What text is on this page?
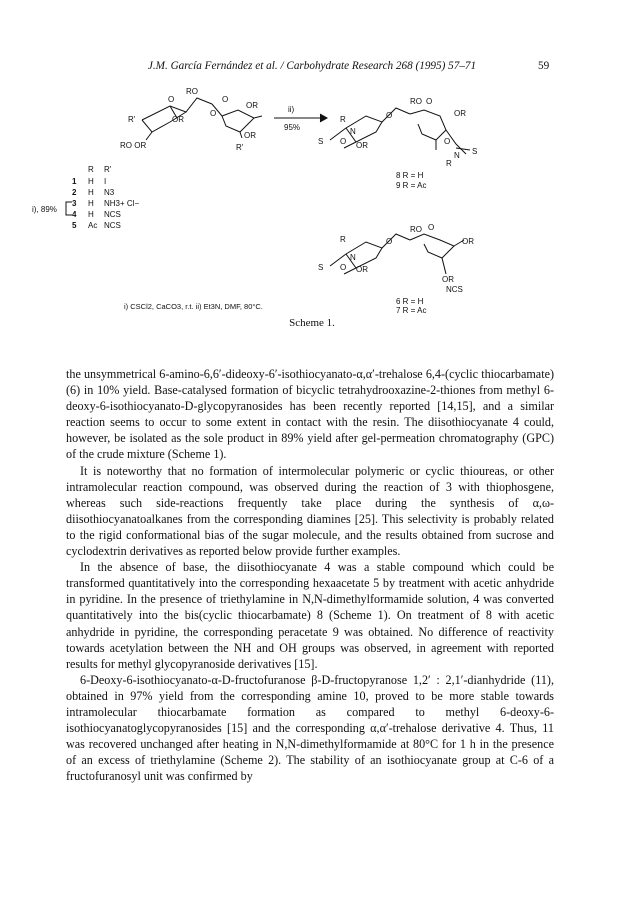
J.M. García Fernández et al. / Carbohydrate Research 268 (1995) 57–71	59
RO
R'	OR
RO OR
O
O
O
OR
OR
R'
ii)
95%
RO
R
N
S O OR
O
O
OR
O
N S
R
RO
R
N
S O OR
O
O
OR
OR
NCS
R R'
1 H I
2 H N3
3 H NH3+ Cl−
4 H NCS
5 Ac NCS
i), 89%
8 R = H
9 R = Ac
6 R = H
7 R = Ac
i) CSCl2, CaCO3, r.t. ii) Et3N, DMF, 80°C.
Scheme 1.

the unsymmetrical 6-amino-6,6′-dideoxy-6′-isothiocyanato-α,α′-trehalose 6,4-(cyclic thiocarbamate) (6) in 10% yield. Base-catalysed formation of bicyclic tetrahydrooxazine-2-thiones from methyl 6-deoxy-6-isothiocyanato-D-glycopyranosides has been recently reported [14,15], and a similar reaction seems to occur to some extent in contact with the resin. The diisothiocyanate 4 could, however, be isolated as the sole product in 89% yield after gel-permeation chromatography (GPC) of the crude mixture (Scheme 1).

It is noteworthy that no formation of intermolecular polymeric or cyclic thioureas, or other intramolecular reaction compound, was observed during the reaction of 3 with thiophosgene, whereas such side-reactions frequently take place during the synthesis of α,ω-diisothiocyanatoalkanes from the corresponding diamines [25]. This selectivity is probably related to the rigid conformational bias of the sugar molecule, and the results obtained from sucrose and cyclodextrin derivatives as reported below provide further examples.

In the absence of base, the diisothiocyanate 4 was a stable compound which could be transformed quantitatively into the corresponding hexaacetate 5 by treatment with acetic anhydride in pyridine. In the presence of triethylamine in N,N-dimethylformamide solution, 4 was converted quantitatively into the bis(cyclic thiocarbamate) 8 (Scheme 1). On treatment of 8 with acetic anhydride in pyridine, the corresponding peracetate 9 was obtained. No difference of reactivity towards acetylation between the NH and OH groups was observed, in agreement with reported results for methyl glycopyranoside derivatives [15].

6-Deoxy-6-isothiocyanato-α-D-fructofuranose β-D-fructopyranose 1,2′ : 2,1′-dianhydride (11), obtained in 97% yield from the corresponding amine 10, proved to be more stable towards intramolecular thiocarbamate formation as compared to methyl 6-deoxy-6-isothiocyanatoglycopyranosides [15] and the corresponding α,α′-trehalose derivative 4. Thus, 11 was recovered unchanged after heating in N,N-dimethylformamide at 80°C for 1 h in the presence of an excess of triethylamine (Scheme 2). The stability of an isothiocyanate group at C-6 of a fructofuranosyl unit was confirmed by
